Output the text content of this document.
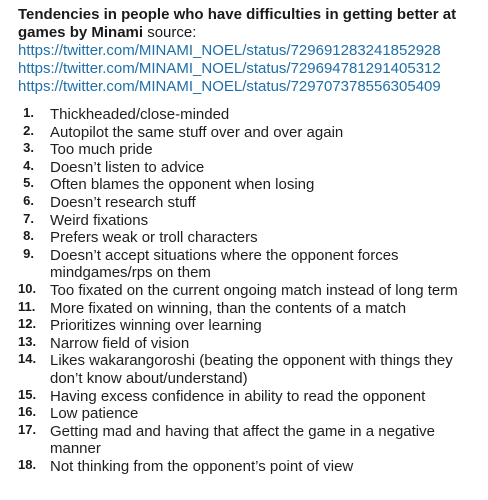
Tendencies in people who have difficulties in getting better at games by Minami source:

https://twitter.com/MINAMI_NOEL/status/729691283241852928
https://twitter.com/MINAMI_NOEL/status/729694781291405312
https://twitter.com/MINAMI_NOEL/status/729707378556305409
1 .	Thickheaded/close-minded
2 .	Autopilot the same stuff over and over again
3 .	Too much pride
4 .	Doesn’t listen to advice
5 .	Often blames the opponent when losing
6 .	Doesn’t research stuff
7 .	Weird fixations
8 .	Prefers weak or troll characters
9 .	Doesn’t accept situations where the opponent forces mindgames/rps on them
10 .	Too fixated on the current ongoing match instead of long term
11 .	More fixated on winning, than the contents of a match
12 .	Prioritizes winning over learning
13 .	Narrow field of vision
14 .	Likes wakarangoroshi (beating the opponent with things they don’t know about/understand)
15 .	Having excess confidence in ability to read the opponent
16 .	Low patience
17 .	Getting mad and having that affect the game in a negative manner
18 .	Not thinking from the opponent’s point of view
